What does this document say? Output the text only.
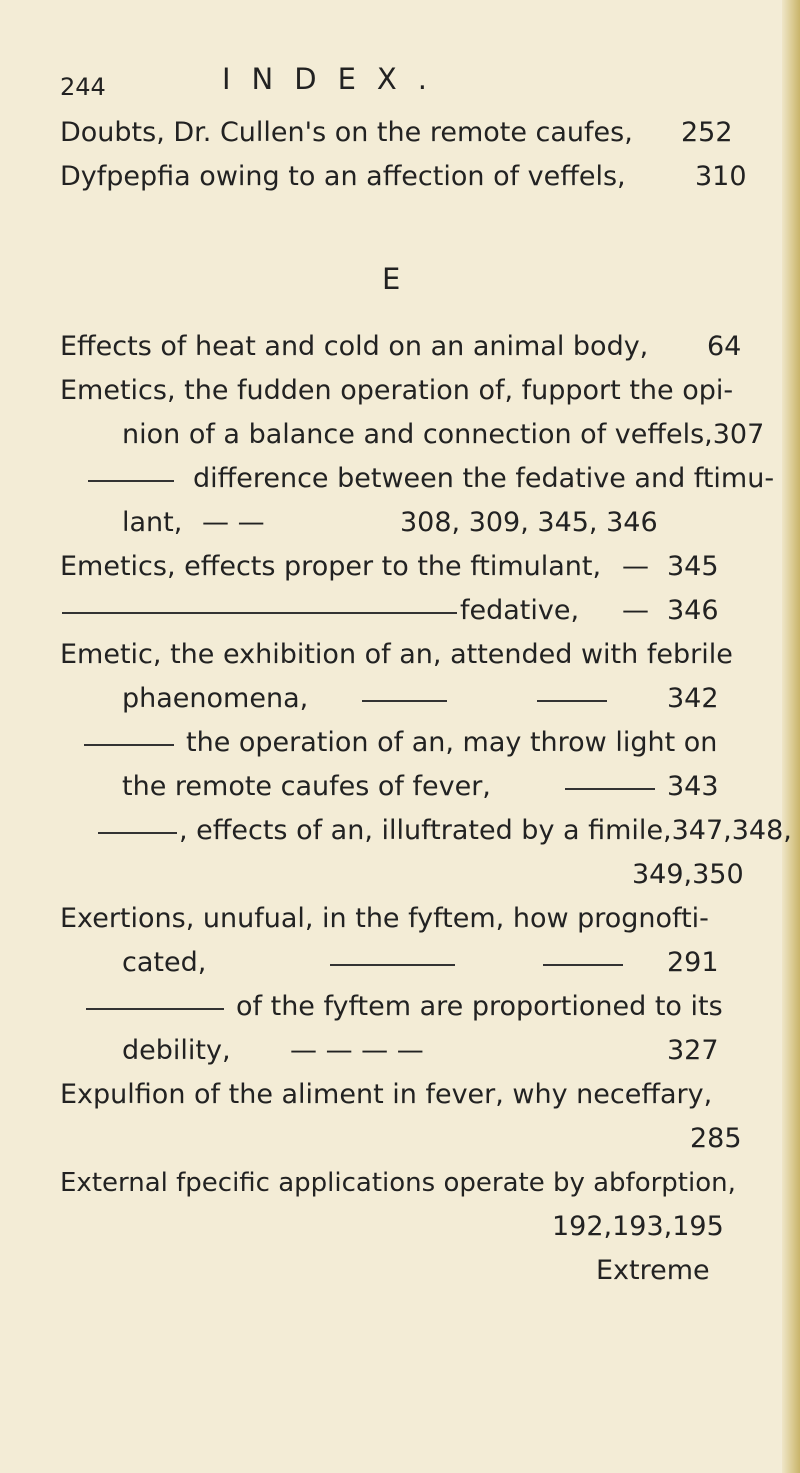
244	INDEX.
Doubts, Dr. Cullen's on the remote caufes, 252
Dyfpepfia owing to an affection of veffels,	310
E
Effects of heat and cold on an animal body, 64
Emetics, the fudden operation of, fupport the opi-
nion of a balance and connection of veffels,307
difference between the fedative and ftimu-
lant, — —	308, 309, 345, 346
Emetics, effects proper to the ftimulant, — 345
fedative, — 346
Emetic, the exhibition of an, attended with febrile
phaenomena,	342
the operation of an, may throw light on
the remote caufes of fever,	343
, effects of an, illuftrated by a fimile,347,348,
349,350
Exertions, unufual, in the fyftem, how prognofti-
cated,	291
of the fyftem are proportioned to its
debility, — — — —	327
Expulfion of the aliment in fever, why neceffary,
285
External fpecific applications operate by abforption,
192,193,195
Extreme
